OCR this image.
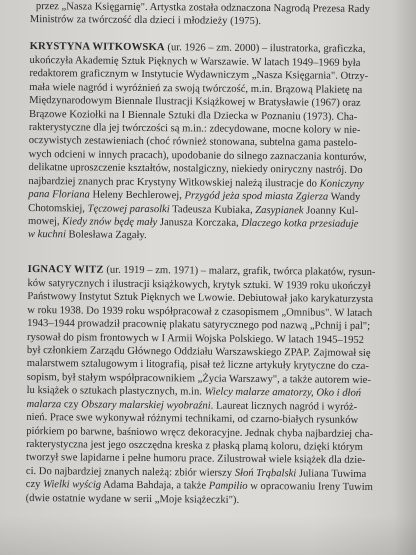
przez „Nasza Księgarnię". Artystka została odznaczona Nagrodą Prezesa Rady
Ministrów za twórczość dla dzieci i młodzieży (1975).
KRYSTYNA WITKOWSKA (ur. 1926 – zm. 2000) – ilustratorka, graficzka,
ukończyła Akademię Sztuk Pięknych w Warszawie. W latach 1949–1969 była
redaktorem graficznym w Instytucie Wydawniczym „Nasza Księgarnia". Otrzy-
mała wiele nagród i wyróżnień za swoją twórczość, m.in. Brązową Plakietę na
Międzynarodowym Biennale Ilustracji Książkowej w Bratysławie (1967) oraz
Brązowe Koziołki na I Biennale Sztuki dla Dziecka w Poznaniu (1973). Cha-
rakterystyczne dla jej twórczości są m.in.: zdecydowane, mocne kolory w nie-
oczywistych zestawieniach (choć również stonowana, subtelna gama pastelo-
wych odcieni w innych pracach), upodobanie do silnego zaznaczania konturów,
delikatne uproszczenie kształtów, nostalgiczny, niekiedy oniryczny nastrój. Do
najbardziej znanych prac Krystyny Witkowskiej należą ilustracje do Koniczyny
pana Floriana Heleny Bechlerowej, Przygód jeża spod miasta Zgierza Wandy
Chotomskiej, Tęczowej parasolki Tadeusza Kubiaka, Zasypianek Joanny Kul-
mowej, Kiedy znów będę mały Janusza Korczaka, Dlaczego kotka przesiaduje
w kuchni Bolesława Zagały.
IGNACY WITZ (ur. 1919 – zm. 1971) – malarz, grafik, twórca plakatów, rysun-
ków satyrycznych i ilustracji książkowych, krytyk sztuki. W 1939 roku ukończył
Państwowy Instytut Sztuk Pięknych we Lwowie. Debiutował jako karykaturzysta
w roku 1938. Do 1939 roku współpracował z czasopismem „Omnibus". W latach
1943–1944 prowadził pracownię plakatu satyrycznego pod nazwą „Pchnij i pal";
rysował do pism frontowych w I Armii Wojska Polskiego. W latach 1945–1952
był członkiem Zarządu Głównego Oddziału Warszawskiego ZPAP. Zajmował się
malarstwem sztalugowym i litografią, pisał też liczne artykuły krytyczne do cza-
sopism, był stałym współpracownikiem „Życia Warszawy", a także autorem wie-
lu książek o sztukach plastycznych, m.in. Wielcy malarze amatorzy, Oko i dłoń
malarza czy Obszary malarskiej wyobraźni. Laureat licznych nagród i wyróż-
nień. Prace swe wykonywał różnymi technikami, od czarno-białych rysunków
piórkiem po barwne, baśniowo wręcz dekoracyjne. Jednak chyba najbardziej cha-
rakterystyczna jest jego oszczędna kreska z płaską plamą koloru, dzięki którym
tworzył swe lapidarne i pełne humoru prace. Zilustrował wiele książek dla dzie-
ci. Do najbardziej znanych należą: zbiór wierszy Słoń Trąbalski Juliana Tuwima
czy Wielki wyścig Adama Bahdaja, a także Pampilio w opracowaniu Ireny Tuwim
(dwie ostatnie wydane w serii „Moje książeczki").
